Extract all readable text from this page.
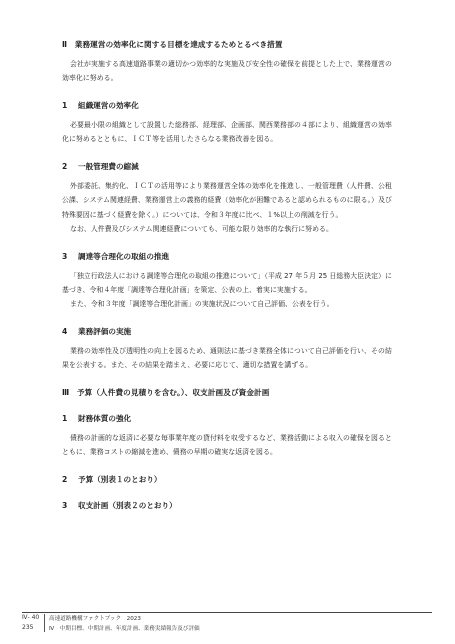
Ⅱ　業務運営の効率化に関する目標を達成するためとるべき措置

会社が実施する高速道路事業の適切かつ効率的な実施及び安全性の確保を前提とした上で、業務運営の効率化に努める。

1 組織運営の効率化

必要最小限の組織として設置した総務部、経理部、企画部、関西業務部の４部により、組織運営の効率化に努めるとともに、ＩＣＴ等を活用したさらなる業務改善を図る。

2 一般管理費の縮減

外部委託、集約化、ＩＣＴの活用等により業務運営全体の効率化を推進し、一般管理費（人件費、公租公課、システム関連経費、業務運営上の義務的経費（効率化が困難であると認められるものに限る。）及び特殊要因に基づく経費を除く。）については、令和３年度に比べ、１%以上の削減を行う。

なお、人件費及びシステム関連経費についても、可能な限り効率的な執行に努める。

3 調達等合理化の取組の推進

「独立行政法人における調達等合理化の取組の推進について」（平成 27 年５月 25 日総務大臣決定）に基づき、令和４年度「調達等合理化計画」を策定、公表の上、着実に実施する。

また、令和３年度「調達等合理化計画」の実施状況について自己評価、公表を行う。

4 業務評価の実施

業務の効率性及び透明性の向上を図るため、通則法に基づき業務全体について自己評価を行い、その結果を公表する。また、その結果を踏まえ、必要に応じて、適切な措置を講ずる。

Ⅲ　予算（人件費の見積りを含む。）、収支計画及び資金計画

1 財務体質の強化

債務の計画的な返済に必要な毎事業年度の貸付料を収受するなど、業務活動による収入の確保を図るとともに、業務コストの縮減を進め、債務の早期の確実な返済を図る。

2 予算（別表１のとおり）

3 収支計画（別表２のとおり）

Ⅳ- 40
235
高速道路機構ファクトブック　2023
Ⅳ　中期目標、中期計画、年度計画、業務実績報告及び評価
